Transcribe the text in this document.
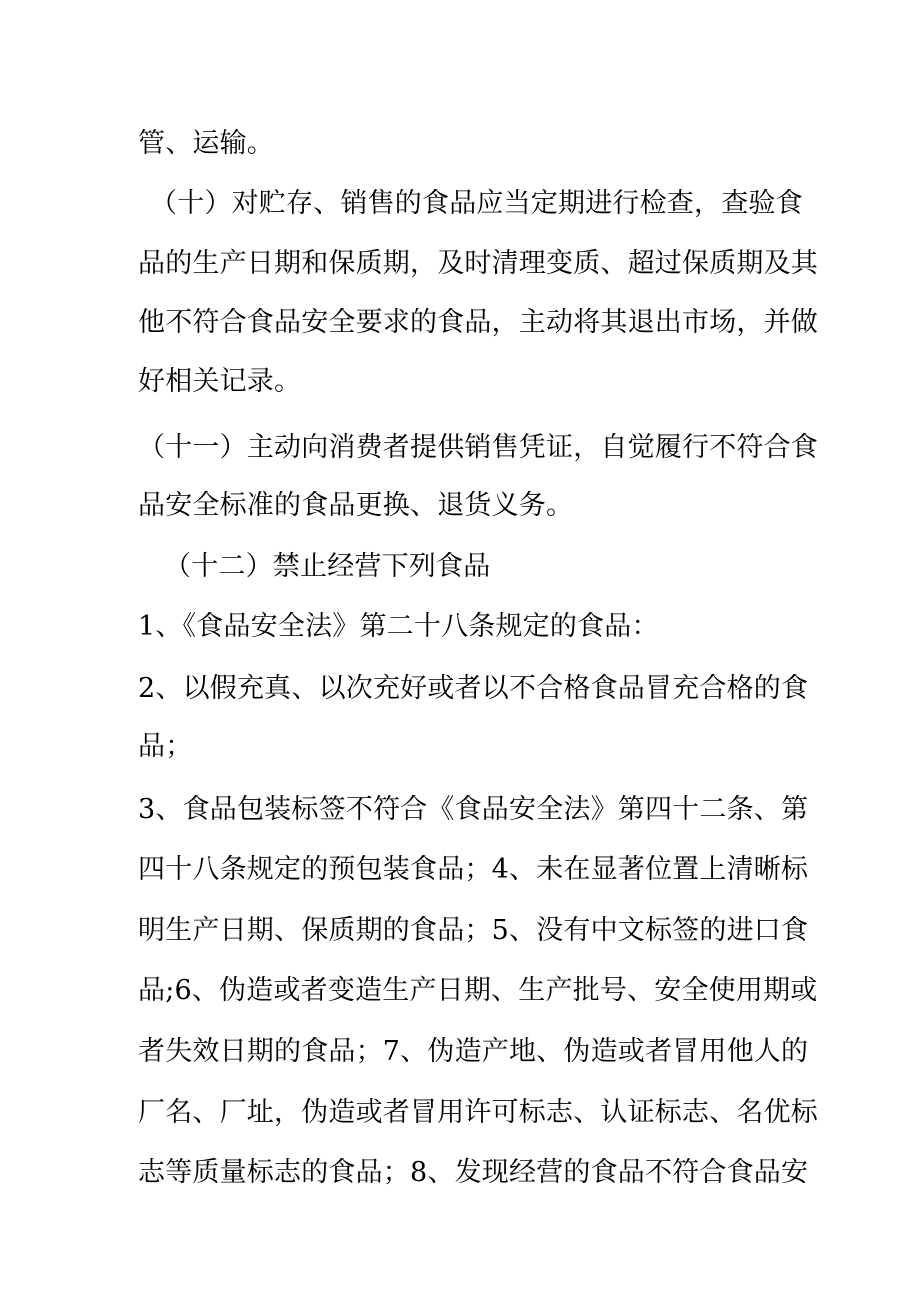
管、运输。
（十）对贮存、销售的食品应当定期进行检查，查验食
品的生产日期和保质期，及时清理变质、超过保质期及其
他不符合食品安全要求的食品，主动将其退出市场，并做
好相关记录。
（十一）主动向消费者提供销售凭证，自觉履行不符合食
品安全标准的食品更换、退货义务。
（十二）禁止经营下列食品
1、《食品安全法》第二十八条规定的食品：
2、以假充真、以次充好或者以不合格食品冒充合格的食
品；
3、食品包装标签不符合《食品安全法》第四十二条、第
四十八条规定的预包装食品；4、未在显著位置上清晰标
明生产日期、保质期的食品；5、没有中文标签的进口食
品;6、伪造或者变造生产日期、生产批号、安全使用期或
者失效日期的食品；7、伪造产地、伪造或者冒用他人的
厂名、厂址，伪造或者冒用许可标志、认证标志、名优标
志等质量标志的食品；8、发现经营的食品不符合食品安
